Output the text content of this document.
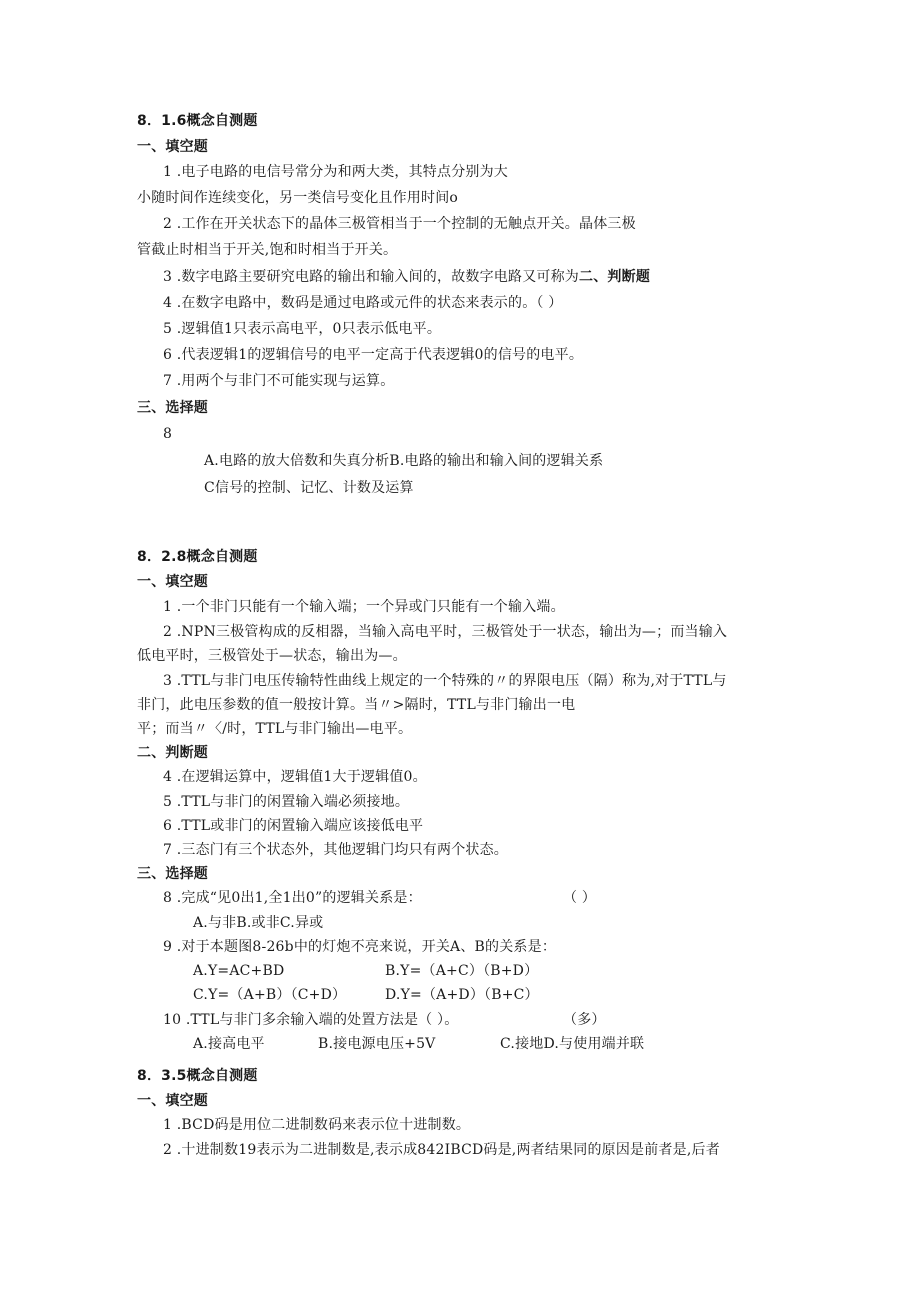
8．1.6概念自测题
一、填空题
1 .电子电路的电信号常分为和两大类，其特点分别为大
小随时间作连续变化，另一类信号变化且作用时间o
2 .工作在开关状态下的晶体三极管相当于一个控制的无触点开关。晶体三极
管截止时相当于开关,饱和时相当于开关。
3 .数字电路主要研究电路的输出和输入间的，故数字电路又可称为二、判断题
4 .在数字电路中，数码是通过电路或元件的状态来表示的。（ ）
5 .逻辑值1只表示高电平，0只表示低电平。
6 .代表逻辑1的逻辑信号的电平一定高于代表逻辑0的信号的电平。
7 .用两个与非门不可能实现与运算。
三、选择题
8
A.电路的放大倍数和失真分析B.电路的输出和输入间的逻辑关系
C信号的控制、记忆、计数及运算
8．2.8概念自测题
一、填空题
1 .一个非门只能有一个输入端；一个异或门只能有一个输入端。
2 .NPN三极管构成的反相器，当输入高电平时，三极管处于一状态，输出为—；而当输入
低电平时，三极管处于—状态，输出为—。
3 .TTL与非门电压传输特性曲线上规定的一个特殊的〃的界限电压（隔）称为,对于TTL与
非门，此电压参数的值一般按计算。当〃>隔时，TTL与非门输出一电
平；而当〃〈/时，TTL与非门输出—电平。
二、判断题
4 .在逻辑运算中，逻辑值1大于逻辑值0。
5 .TTL与非门的闲置输入端必须接地。
6 .TTL或非门的闲置输入端应该接低电平
7 .三态门有三个状态外，其他逻辑门均只有两个状态。
三、选择题
8 .完成“见0出1,全1出0”的逻辑关系是：	（ ）
A.与非B.或非C.异或
9 .对于本题图8-26b中的灯炮不亮来说，开关A、B的关系是：
A.Y=AC+BD	B.Y=（A+C）（B+D）
C.Y=（A+B）（C+D）	D.Y=（A+D）（B+C）
10 .TTL与非门多余输入端的处置方法是（ ）。	（多）
A.接高电平	B.接电源电压+5V	C.接地D.与使用端并联
8．3.5概念自测题
一、填空题
1 .BCD码是用位二进制数码来表示位十进制数。
2 .十进制数19表示为二进制数是,表示成842IBCD码是,两者结果同的原因是前者是,后者
